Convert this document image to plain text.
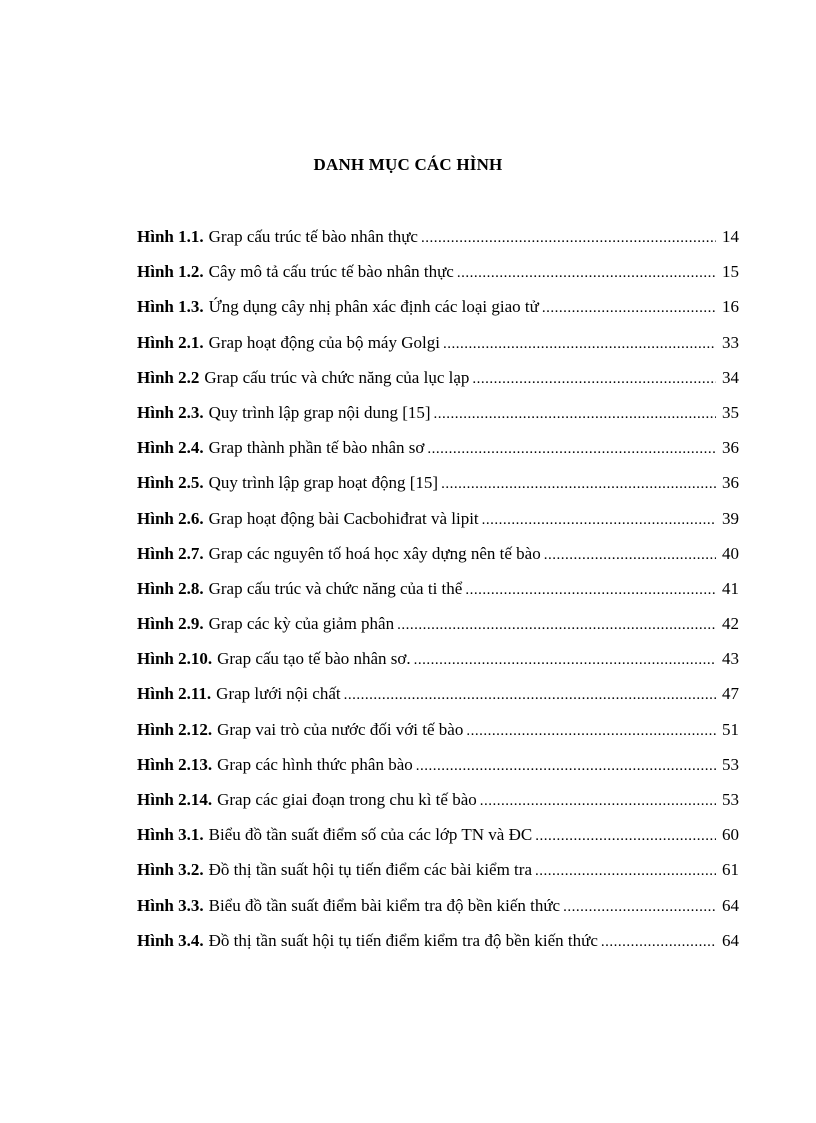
DANH MỤC CÁC HÌNH
Hình 1.1. Grap cấu trúc tế bào nhân thực .....	14
Hình 1.2. Cây mô tả cấu trúc tế bào nhân thực .....	15
Hình 1.3. Ứng dụng cây nhị phân xác định các loại giao tử .....	16
Hình 2.1. Grap hoạt động của bộ máy Golgi .....	33
Hình 2.2 Grap cấu trúc và chức năng của lục lạp .....	34
Hình 2.3. Quy trình lập grap nội dung [15] .....	35
Hình 2.4. Grap thành phần tế bào nhân sơ .....	36
Hình 2.5. Quy trình lập grap hoạt động [15] .....	36
Hình 2.6. Grap hoạt động bài Cacbohiđrat và lipit .....	39
Hình 2.7. Grap các nguyên tố hoá học xây dựng nên tế bào .....	40
Hình 2.8. Grap cấu trúc và chức năng của ti thể .....	41
Hình 2.9. Grap các kỳ của giảm phân .....	42
Hình 2.10. Grap cấu tạo tế bào nhân sơ. .....	43
Hình 2.11. Grap lưới nội chất .....	47
Hình 2.12. Grap vai trò của nước đối với tế bào .....	51
Hình 2.13. Grap các hình thức phân bào .....	53
Hình 2.14. Grap các giai đoạn trong chu kì tế bào .....	53
Hình 3.1. Biểu đồ tần suất điểm số của các lớp TN và ĐC .....	60
Hình 3.2. Đồ thị tần suất hội tụ tiến điểm các bài kiểm tra .....	61
Hình 3.3. Biểu đồ tần suất điểm bài kiểm tra độ bền kiến thức .....	64
Hình 3.4. Đồ thị tần suất hội tụ tiến điểm kiểm tra độ bền kiến thức .....	64
